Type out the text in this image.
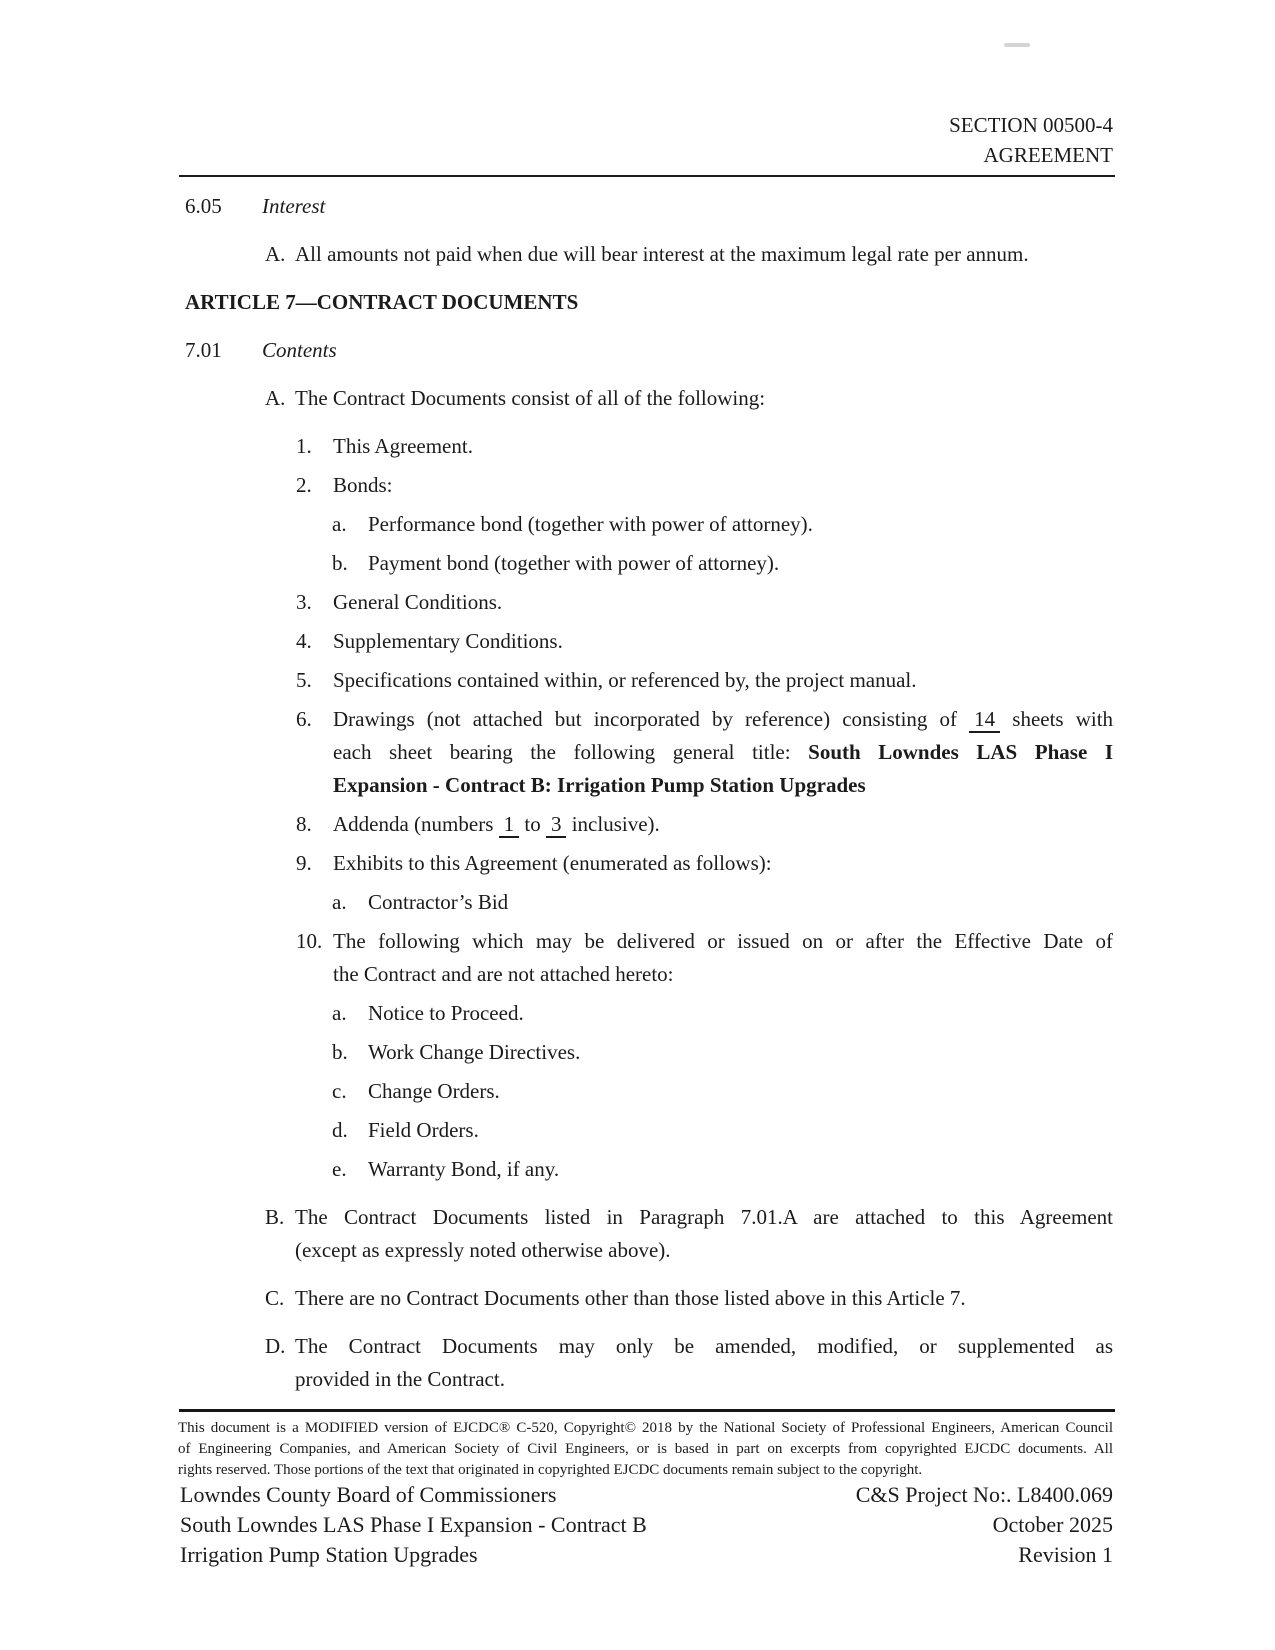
SECTION 00500-4
AGREEMENT
6.05 Interest
A. All amounts not paid when due will bear interest at the maximum legal rate per annum.
ARTICLE 7—CONTRACT DOCUMENTS
7.01 Contents
A. The Contract Documents consist of all of the following:
1. This Agreement.
2. Bonds:
a. Performance bond (together with power of attorney).
b. Payment bond (together with power of attorney).
3. General Conditions.
4. Supplementary Conditions.
5. Specifications contained within, or referenced by, the project manual.
6. Drawings (not attached but incorporated by reference) consisting of 14 sheets with
each sheet bearing the following general title: South Lowndes LAS Phase I
Expansion - Contract B: Irrigation Pump Station Upgrades
8. Addenda (numbers 1 to 3 inclusive).
9. Exhibits to this Agreement (enumerated as follows):
a. Contractor’s Bid
10. The following which may be delivered or issued on or after the Effective Date of
the Contract and are not attached hereto:
a. Notice to Proceed.
b. Work Change Directives.
c. Change Orders.
d. Field Orders.
e. Warranty Bond, if any.
B. The Contract Documents listed in Paragraph 7.01.A are attached to this Agreement
(except as expressly noted otherwise above).
C. There are no Contract Documents other than those listed above in this Article 7.
D. The Contract Documents may only be amended, modified, or supplemented as
provided in the Contract.
This document is a MODIFIED version of EJCDC® C-520, Copyright© 2018 by the National Society of Professional Engineers, American Council
of Engineering Companies, and American Society of Civil Engineers, or is based in part on excerpts from copyrighted EJCDC documents. All
rights reserved. Those portions of the text that originated in copyrighted EJCDC documents remain subject to the copyright.
Lowndes County Board of Commissioners
South Lowndes LAS Phase I Expansion - Contract B
Irrigation Pump Station Upgrades
C&S Project No:. L8400.069
October 2025
Revision 1
